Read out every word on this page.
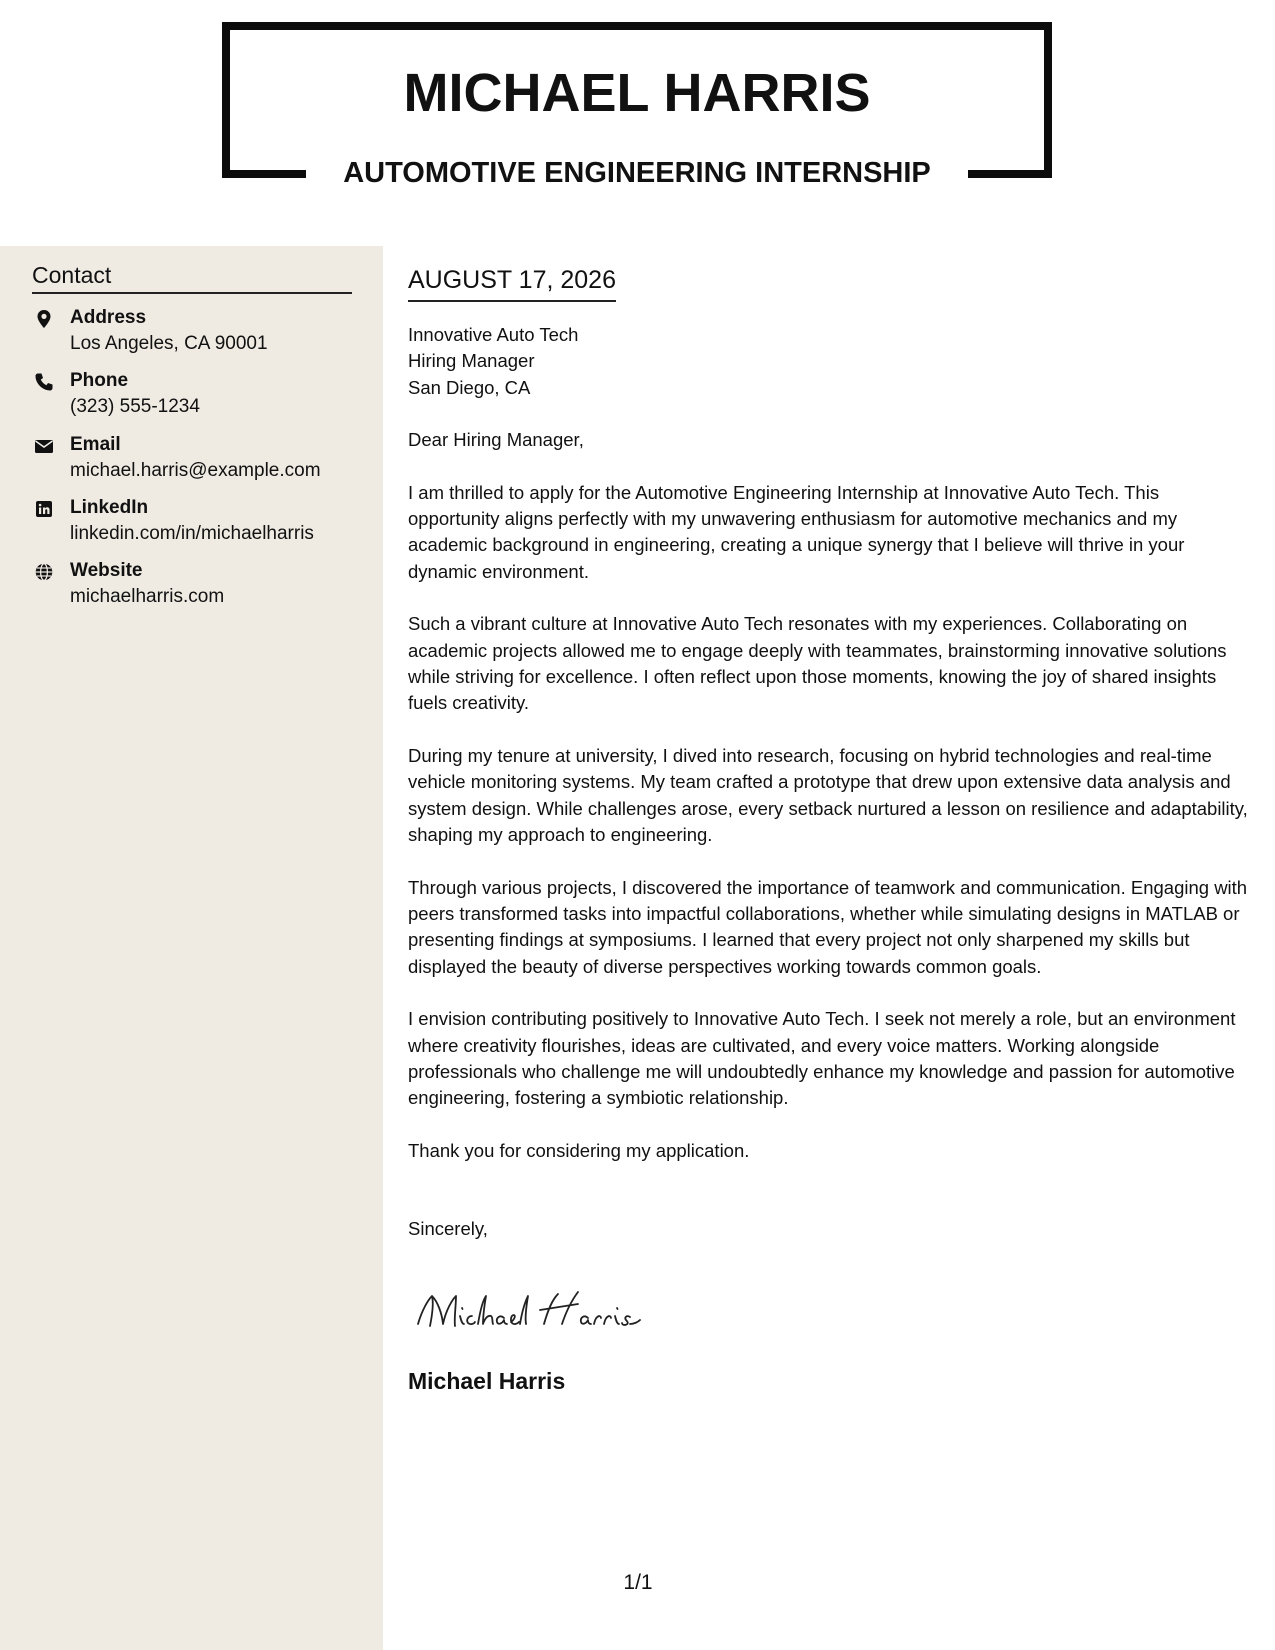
MICHAEL HARRIS
AUTOMOTIVE ENGINEERING INTERNSHIP
Contact
Address
Los Angeles, CA 90001
Phone
(323) 555-1234
Email
michael.harris@example.com
LinkedIn
linkedin.com/in/michaelharris
Website
michaelharris.com
AUGUST 17, 2026
Innovative Auto Tech
Hiring Manager
San Diego, CA
Dear Hiring Manager,
I am thrilled to apply for the Automotive Engineering Internship at Innovative Auto Tech. This opportunity aligns perfectly with my unwavering enthusiasm for automotive mechanics and my academic background in engineering, creating a unique synergy that I believe will thrive in your dynamic environment.
Such a vibrant culture at Innovative Auto Tech resonates with my experiences. Collaborating on academic projects allowed me to engage deeply with teammates, brainstorming innovative solutions while striving for excellence. I often reflect upon those moments, knowing the joy of shared insights fuels creativity.
During my tenure at university, I dived into research, focusing on hybrid technologies and real-time vehicle monitoring systems. My team crafted a prototype that drew upon extensive data analysis and system design. While challenges arose, every setback nurtured a lesson on resilience and adaptability, shaping my approach to engineering.
Through various projects, I discovered the importance of teamwork and communication. Engaging with peers transformed tasks into impactful collaborations, whether while simulating designs in MATLAB or presenting findings at symposiums. I learned that every project not only sharpened my skills but displayed the beauty of diverse perspectives working towards common goals.
I envision contributing positively to Innovative Auto Tech. I seek not merely a role, but an environment where creativity flourishes, ideas are cultivated, and every voice matters. Working alongside professionals who challenge me will undoubtedly enhance my knowledge and passion for automotive engineering, fostering a symbiotic relationship.
Thank you for considering my application.
Sincerely,
Michael Harris
1/1
